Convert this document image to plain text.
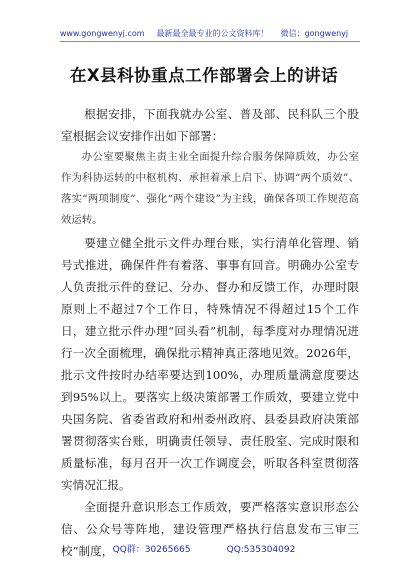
www.gongwenyj.com 最新最全最专业的公文资料库！ 微信：gongwenyj
在X县科协重点工作部署会上的讲话

根据安排，下面我就办公室、普及部、民科队三个股室根据会议安排作出如下部署：

办公室要聚焦主责主业全面提升综合服务保障质效，办公室作为科协运转的中枢机构、承担着承上启下、协调“两个质效”、落实“两项制度”、强化“两个建设”为主线，确保各项工作规范高效运转。

要建立健全批示文件办理台账，实行清单化管理、销号式推进，确保件件有着落、事事有回音。明确办公室专人负责批示件的登记、分办、督办和反馈工作，办理时限原则上不超过7个工作日，特殊情况不得超过15个工作日，建立批示件办理“回头看”机制，每季度对办理情况进行一次全面梳理，确保批示精神真正落地见效。2026年，批示文件按时办结率要达到100%，办理质量满意度要达到95%以上。要落实上级决策部署工作质效，要建立党中央国务院、省委省政府和州委州政府、县委县政府决策部署贯彻落实台账，明确责任领导、责任股室、完成时限和质量标准，每月召开一次工作调度会，听取各科室贯彻落实情况汇报。

全面提升意识形态工作质效，要严格落实意识形态公信、公众号等阵地，建设管理严格执行信息发布三审三校”制度， QQ群：30265665	QQ:535304092
